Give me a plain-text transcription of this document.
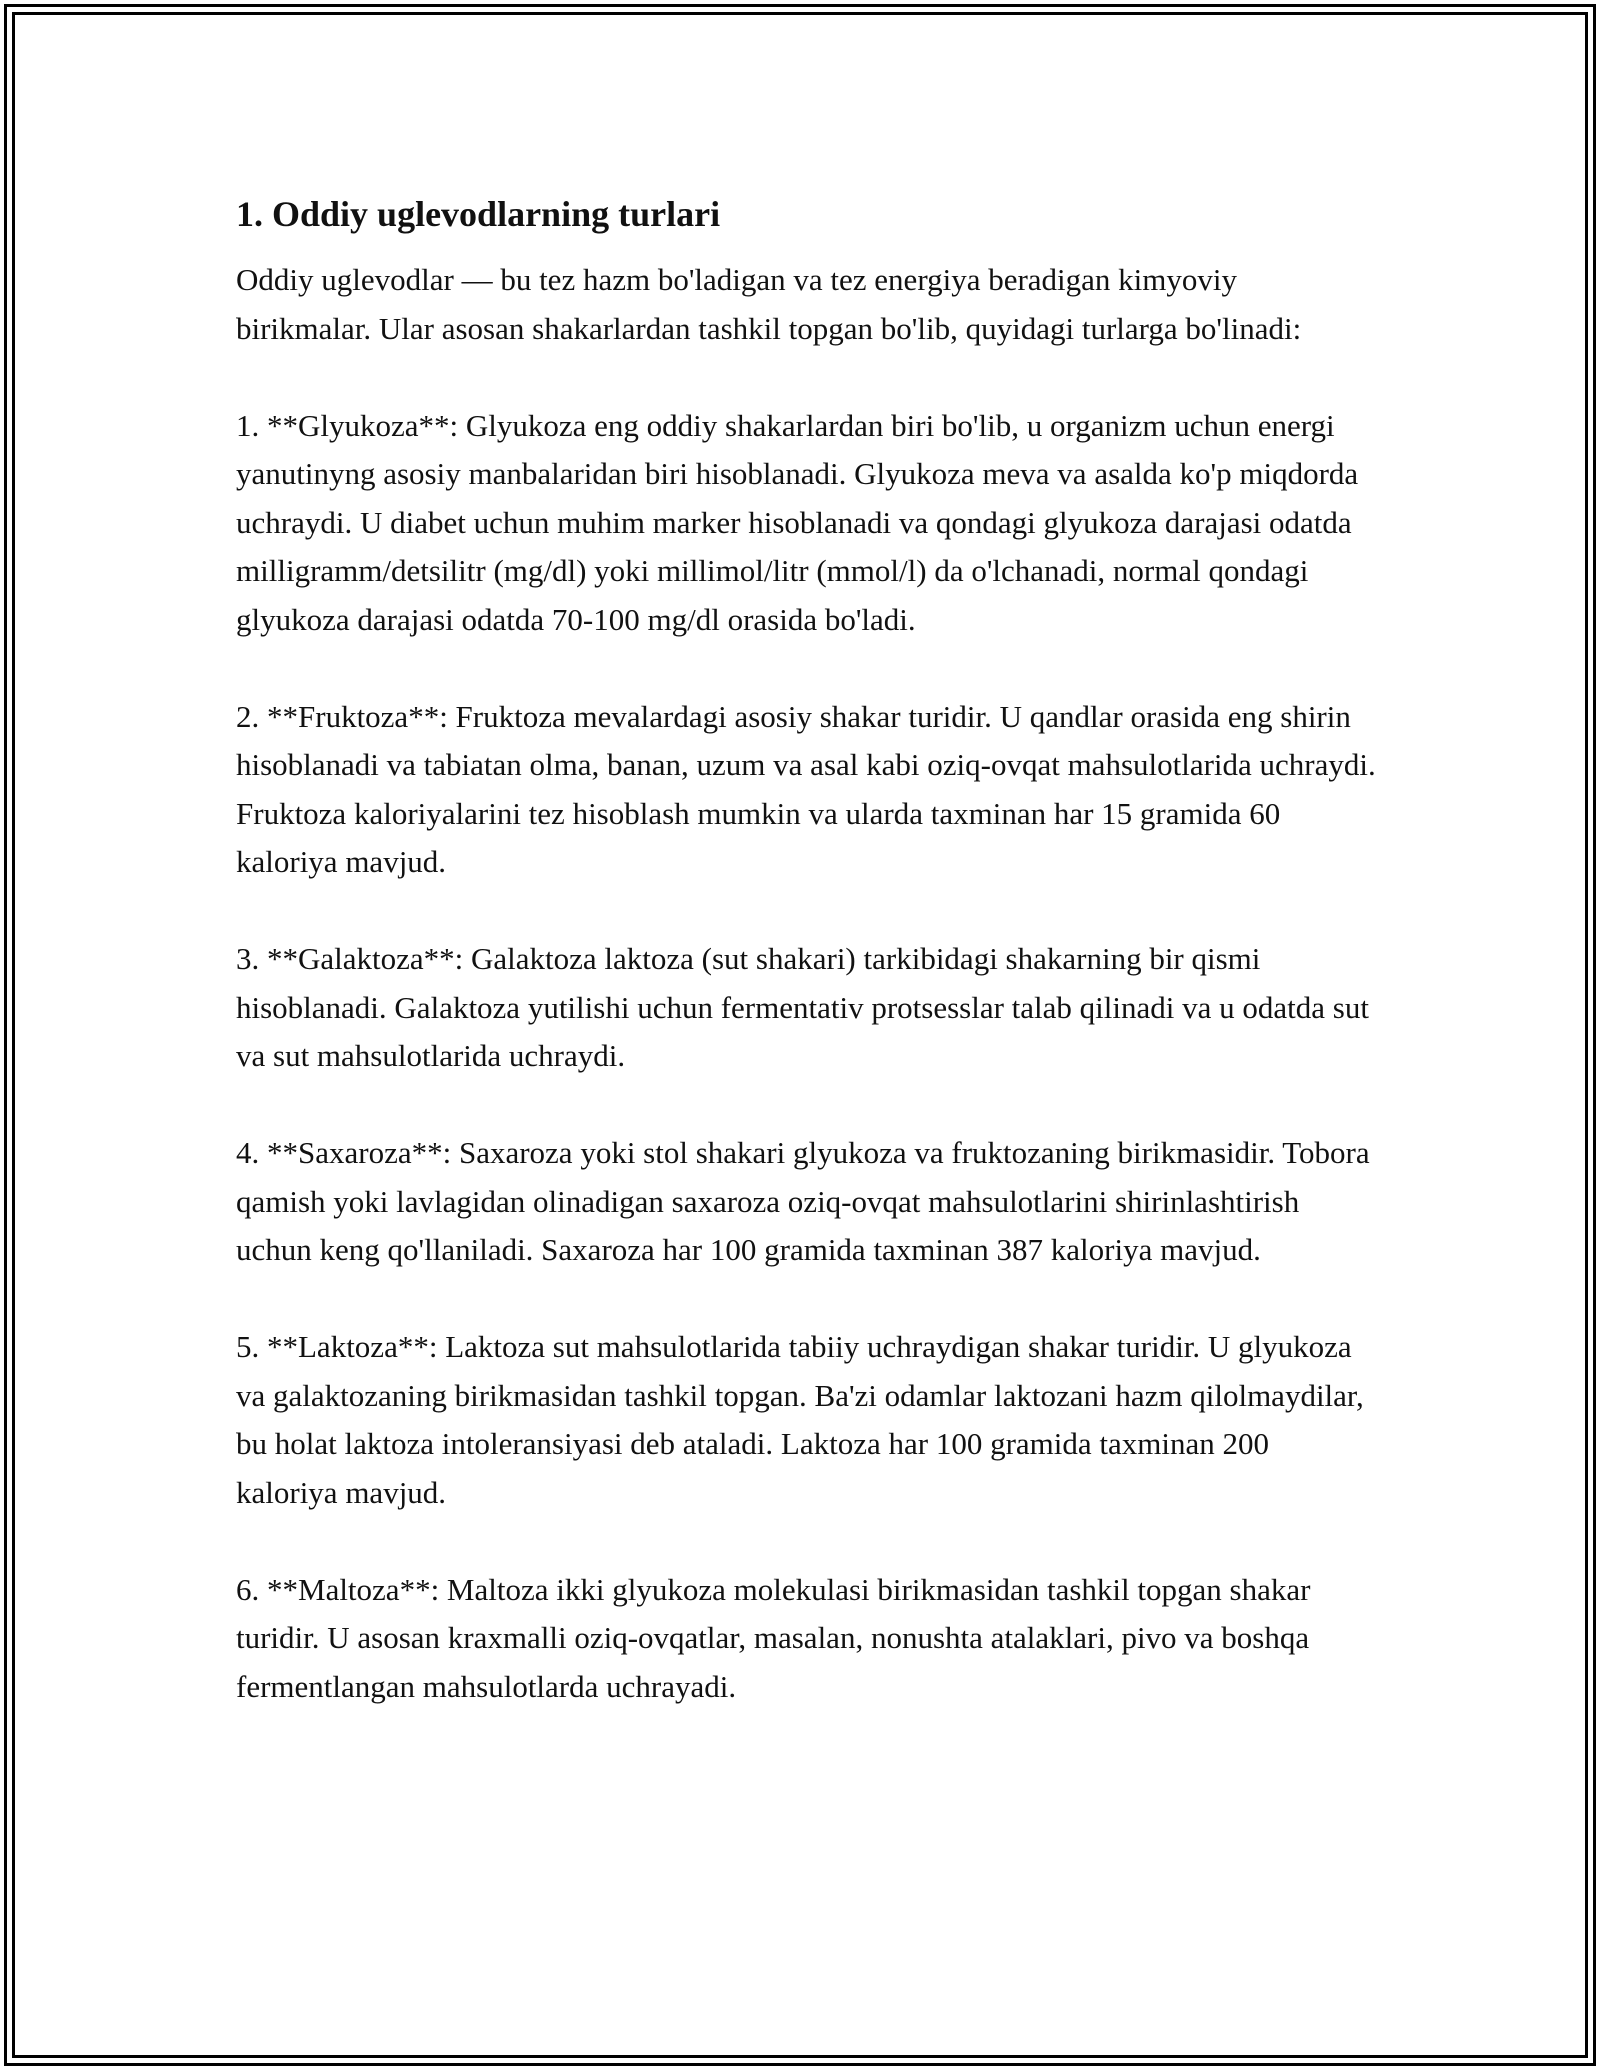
1. Oddiy uglevodlarning turlari

Oddiy uglevodlar — bu tez hazm bo'ladigan va tez energiya beradigan kimyoviy birikmalar. Ular asosan shakarlardan tashkil topgan bo'lib, quyidagi turlarga bo'linadi:

1. **Glyukoza**: Glyukoza eng oddiy shakarlardan biri bo'lib, u organizm uchun energi yanutinyng asosiy manbalaridan biri hisoblanadi. Glyukoza meva va asalda ko'p miqdorda uchraydi. U diabet uchun muhim marker hisoblanadi va qondagi glyukoza darajasi odatda milligramm/detsilitr (mg/dl) yoki millimol/litr (mmol/l) da o'lchanadi, normal qondagi glyukoza darajasi odatda 70-100 mg/dl orasida bo'ladi.

2. **Fruktoza**: Fruktoza mevalardagi asosiy shakar turidir. U qandlar orasida eng shirin hisoblanadi va tabiatan olma, banan, uzum va asal kabi oziq-ovqat mahsulotlarida uchraydi. Fruktoza kaloriyalarini tez hisoblash mumkin va ularda taxminan har 15 gramida 60 kaloriya mavjud.

3. **Galaktoza**: Galaktoza laktoza (sut shakari) tarkibidagi shakarning bir qismi hisoblanadi. Galaktoza yutilishi uchun fermentativ protsesslar talab qilinadi va u odatda sut va sut mahsulotlarida uchraydi.

4. **Saxaroza**: Saxaroza yoki stol shakari glyukoza va fruktozaning birikmasidir. Tobora qamish yoki lavlagidan olinadigan saxaroza oziq-ovqat mahsulotlarini shirinlashtirish uchun keng qo'llaniladi. Saxaroza har 100 gramida taxminan 387 kaloriya mavjud.

5. **Laktoza**: Laktoza sut mahsulotlarida tabiiy uchraydigan shakar turidir. U glyukoza va galaktozaning birikmasidan tashkil topgan. Ba'zi odamlar laktozani hazm qilolmaydilar, bu holat laktoza intoleransiyasi deb ataladi. Laktoza har 100 gramida taxminan 200 kaloriya mavjud.

6. **Maltoza**: Maltoza ikki glyukoza molekulasi birikmasidan tashkil topgan shakar turidir. U asosan kraxmalli oziq-ovqatlar, masalan, nonushta atalaklari, pivo va boshqa fermentlangan mahsulotlarda uchrayadi.
